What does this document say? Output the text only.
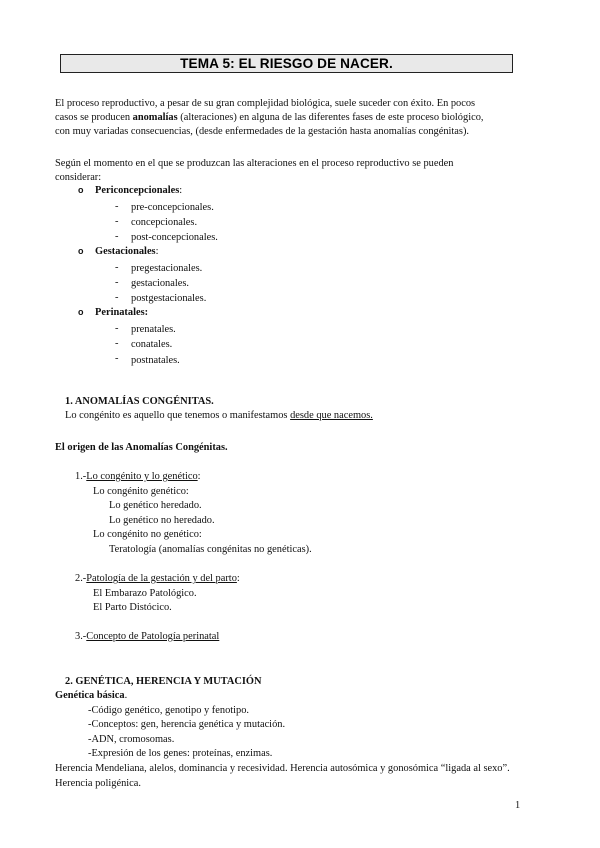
TEMA 5: EL RIESGO DE NACER.
El proceso reproductivo, a pesar de su gran complejidad biológica, suele suceder con éxito. En pocos
casos se producen anomalías (alteraciones) en alguna de las diferentes fases de este proceso biológico,
con muy variadas consecuencias, (desde enfermedades de la gestación hasta anomalías congénitas).
Según el momento en el que se produzcan las alteraciones en el proceso reproductivo se pueden
considerar:
o Periconcepcionales:
- pre-concepcionales.
- concepcionales.
- post-concepcionales.
o Gestacionales:
- pregestacionales.
- gestacionales.
- postgestacionales.
o Perinatales:
- prenatales.
- conatales.
- postnatales.
1. ANOMALÍAS CONGÉNITAS.
Lo congénito es aquello que tenemos o manifestamos desde que nacemos.
El origen de las Anomalías Congénitas.
1.-Lo congénito y lo genético:
Lo congénito genético:
Lo genético heredado.
Lo genético no heredado.
Lo congénito no genético:
Teratología (anomalías congénitas no genéticas).
2.-Patología de la gestación y del parto:
El Embarazo Patológico.
El Parto Distócico.
3.-Concepto de Patología perinatal
2. GENÉTICA, HERENCIA Y MUTACIÓN
Genética básica.
-Código genético, genotipo y fenotipo.
-Conceptos: gen, herencia genética y mutación.
-ADN, cromosomas.
-Expresión de los genes: proteínas, enzimas.
Herencia Mendeliana, alelos, dominancia y recesividad. Herencia autosómica y gonosómica “ligada al sexo”.
Herencia poligénica.
1
